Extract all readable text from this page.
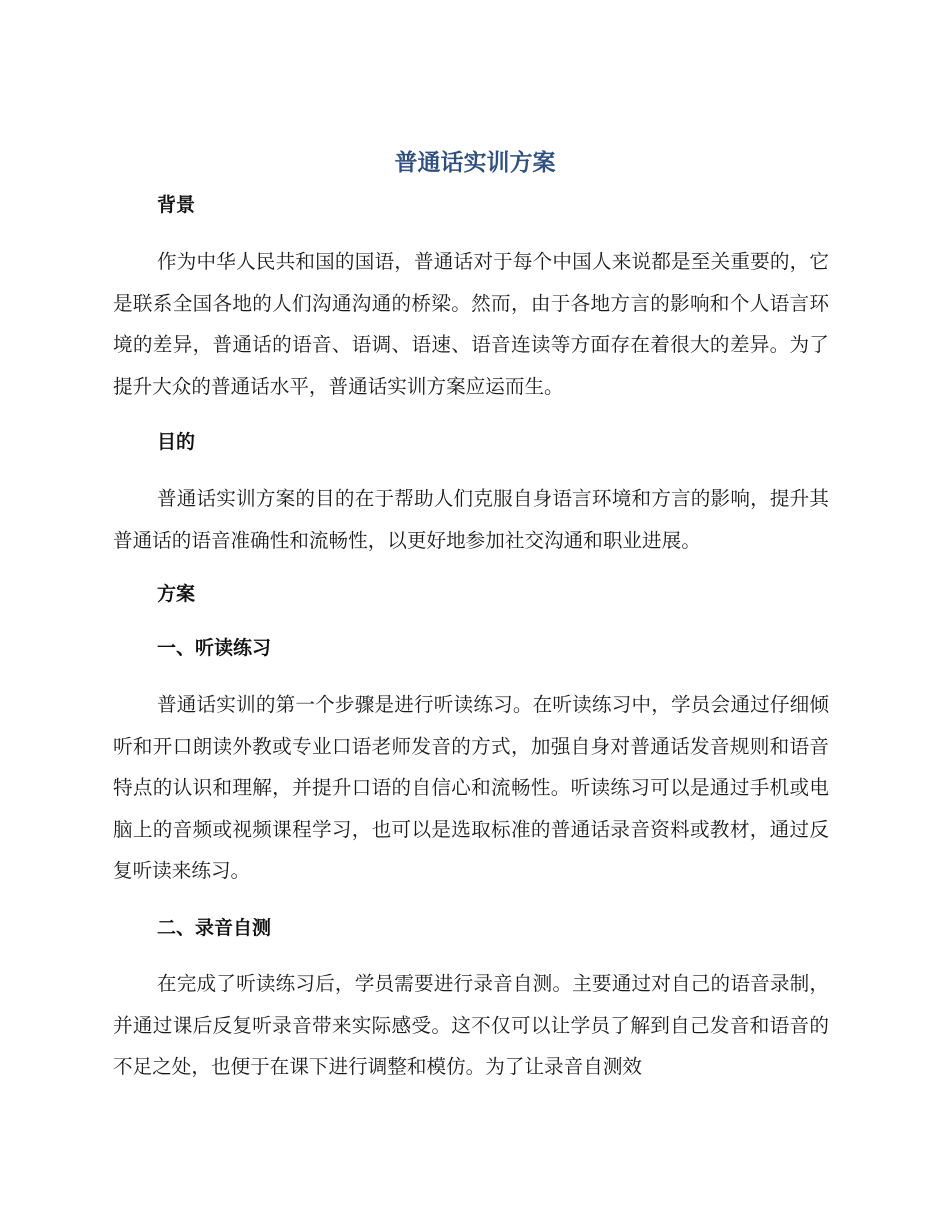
普通话实训方案
背景

作为中华人民共和国的国语，普通话对于每个中国人来说都是至关重要的，它是联系全国各地的人们沟通沟通的桥梁。然而，由于各地方言的影响和个人语言环境的差异，普通话的语音、语调、语速、语音连读等方面存在着很大的差异。为了提升大众的普通话水平，普通话实训方案应运而生。

目的

普通话实训方案的目的在于帮助人们克服自身语言环境和方言的影响，提升其普通话的语音准确性和流畅性，以更好地参加社交沟通和职业进展。

方案
一、听读练习

普通话实训的第一个步骤是进行听读练习。在听读练习中，学员会通过仔细倾听和开口朗读外教或专业口语老师发音的方式，加强自身对普通话发音规则和语音特点的认识和理解，并提升口语的自信心和流畅性。听读练习可以是通过手机或电脑上的音频或视频课程学习，也可以是选取标准的普通话录音资料或教材，通过反复听读来练习。

二、录音自测

在完成了听读练习后，学员需要进行录音自测。主要通过对自己的语音录制，并通过课后反复听录音带来实际感受。这不仅可以让学员了解到自己发音和语音的不足之处，也便于在课下进行调整和模仿。为了让录音自测效
